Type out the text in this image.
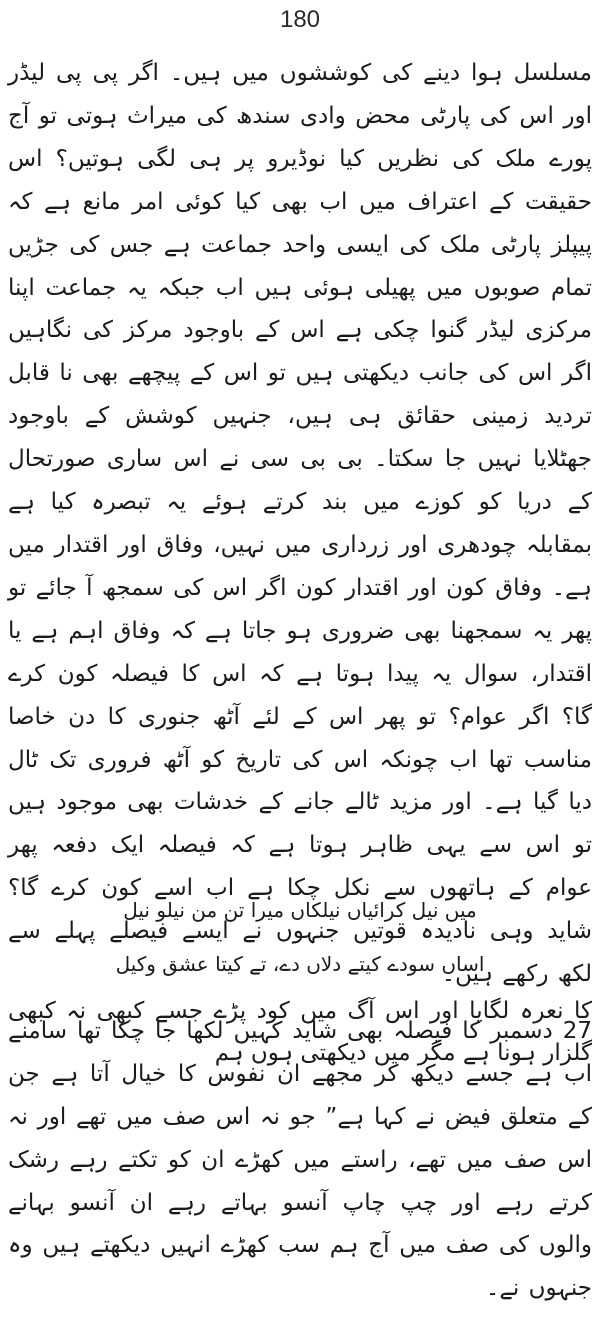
180

مسلسل ہوا دینے کی کوششوں میں ہیں۔ اگر پی پی لیڈر اور اس کی پارٹی محض وادی سندھ کی میراث ہوتی تو آج پورے ملک کی نظریں کیا نوڈیرو پر ہی لگی ہوتیں؟ اس حقیقت کے اعتراف میں اب بھی کیا کوئی امر مانع ہے کہ پیپلز پارٹی ملک کی ایسی واحد جماعت ہے جس کی جڑیں تمام صوبوں میں پھیلی ہوئی ہیں اب جبکہ یہ جماعت اپنا مرکزی لیڈر گنوا چکی ہے اس کے باوجود مرکز کی نگاہیں اگر اس کی جانب دیکھتی ہیں تو اس کے پیچھے بھی نا قابل تردید زمینی حقائق ہی ہیں، جنہیں کوشش کے باوجود جھٹلایا نہیں جا سکتا۔ بی بی سی نے اس ساری صورتحال کے دریا کو کوزے میں بند کرتے ہوئے یہ تبصرہ کیا ہے بمقابلہ چودھری اور زرداری میں نہیں، وفاق اور اقتدار میں ہے۔ وفاق کون اور اقتدار کون اگر اس کی سمجھ آ جائے تو پھر یہ سمجھنا بھی ضروری ہو جاتا ہے کہ وفاق اہم ہے یا اقتدار، سوال یہ پیدا ہوتا ہے کہ اس کا فیصلہ کون کرے گا؟ اگر عوام؟ تو پھر اس کے لئے آٹھ جنوری کا دن خاصا مناسب تھا اب چونکہ اس کی تاریخ کو آٹھ فروری تک ٹال دیا گیا ہے۔ اور مزید ٹالے جانے کے خدشات بھی موجود ہیں تو اس سے یہی ظاہر ہوتا ہے کہ فیصلہ ایک دفعہ پھر عوام کے ہاتھوں سے نکل چکا ہے اب اسے کون کرے گا؟ شاید وہی نادیدہ قوتیں جنہوں نے ایسے فیصلے پہلے سے لکھ رکھے ہیں۔

27 دسمبر کا فیصلہ بھی شاید کہیں لکھا جا چکا تھا سامنے اب ہے جسے دیکھ کر مجھے ان نفوس کا خیال آتا ہے جن کے متعلق فیض نے کہا ہے” جو نہ اس صف میں تھے اور نہ اس صف میں تھے، راستے میں کھڑے ان کو تکتے رہے رشک کرتے رہے اور چپ چاپ آنسو بہاتے رہے ان آنسو بہانے والوں کی صف میں آج ہم سب کھڑے انہیں دیکھتے ہیں وہ جنہوں نے۔

میں نیل کرائیاں نیلکاں میرا تن من نیلو نیل
اساں سودے کیتے دلاں دے، تے کیتا عشق وکیل
کا نعرہ لگایا اور اس آگ میں کود پڑے جسے کبھی نہ کبھی گلزار ہونا ہے مگر میں دیکھتی ہوں ہم
